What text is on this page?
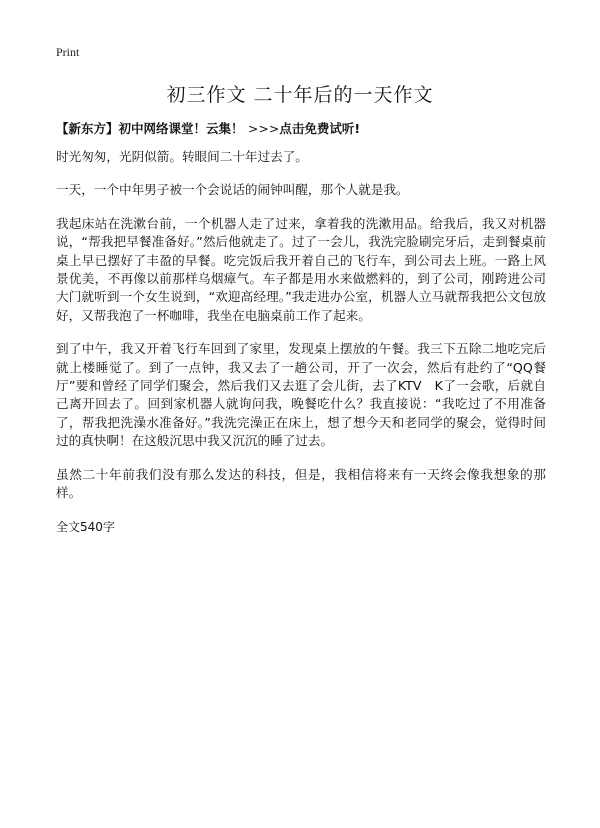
Print
初三作文 二十年后的一天作文
【新东方】初中网络课堂！云集！ >>>点击免费试听!

时光匆匆，光阴似箭。转眼间二十年过去了。

一天，一个中年男子被一个会说话的闹钟叫醒，那个人就是我。

我起床站在洗漱台前，一个机器人走了过来，拿着我的洗漱用品。给我后，我又对机器说，“帮我把早餐准备好。”然后他就走了。过了一会儿，我洗完脸刷完牙后，走到餐桌前桌上早已摆好了丰盈的早餐。吃完饭后我开着自己的飞行车，到公司去上班。一路上风景优美，不再像以前那样乌烟瘴气。车子都是用水来做燃料的，到了公司，刚跨进公司大门就听到一个女生说到，“欢迎高经理。”我走进办公室，机器人立马就帮我把公文包放好，又帮我泡了一杯咖啡，我坐在电脑桌前工作了起来。

到了中午，我又开着飞行车回到了家里，发现桌上摆放的午餐。我三下五除二地吃完后就上楼睡觉了。到了一点钟，我又去了一趟公司，开了一次会，然后有赴约了“QQ餐厅”要和曾经了同学们聚会，然后我们又去逛了会儿街，去了KTV　K了一会歌，后就自己离开回去了。回到家机器人就询问我，晚餐吃什么？我直接说：“我吃过了不用准备了，帮我把洗澡水准备好。”我洗完澡正在床上，想了想今天和老同学的聚会，觉得时间过的真快啊！在这般沉思中我又沉沉的睡了过去。

虽然二十年前我们没有那么发达的科技，但是，我相信将来有一天终会像我想象的那样。

全文540字
